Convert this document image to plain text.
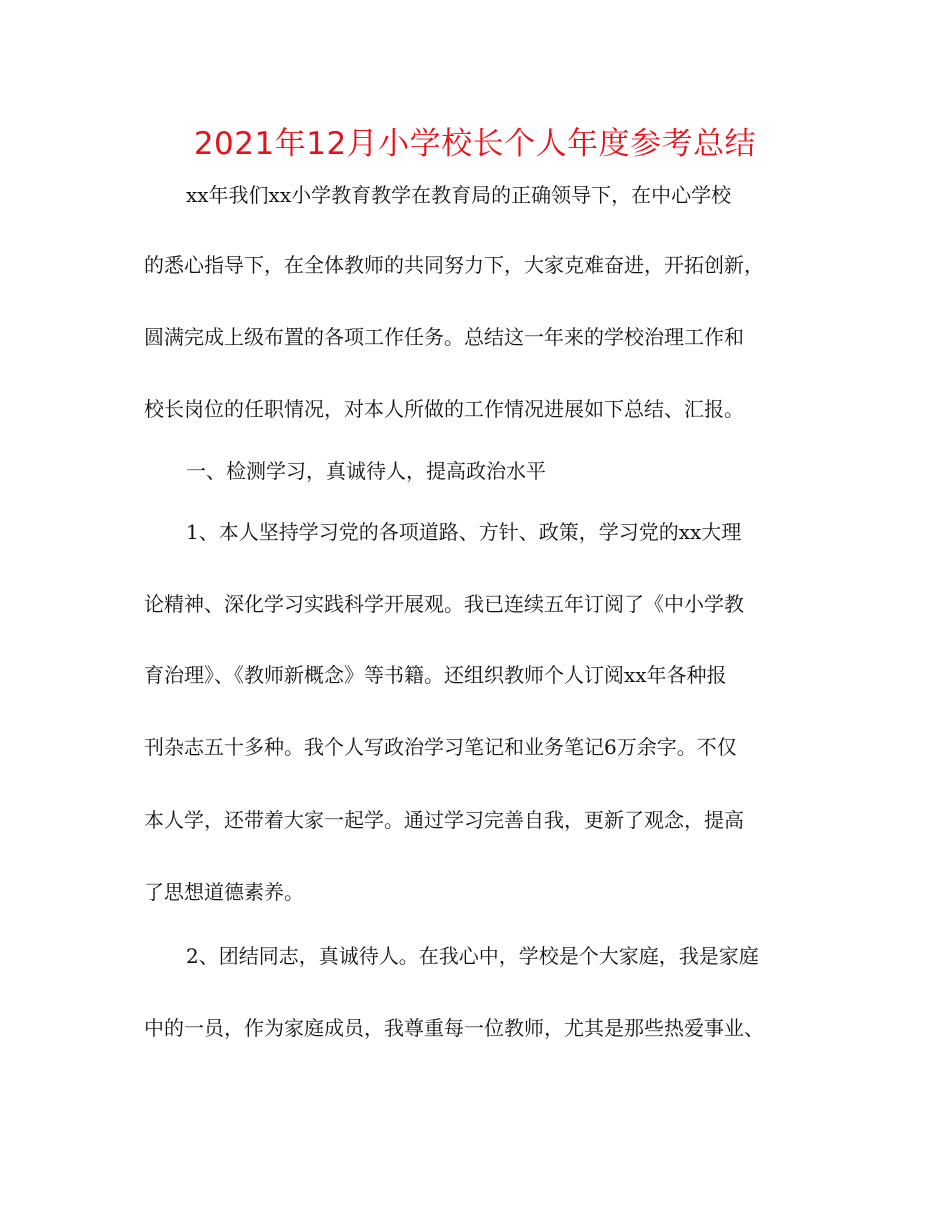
2021年12月小学校长个人年度参考总结
xx年我们xx小学教育教学在教育局的正确领导下，在中心学校
的悉心指导下，在全体教师的共同努力下，大家克难奋进，开拓创新，
圆满完成上级布置的各项工作任务。总结这一年来的学校治理工作和
校长岗位的任职情况，对本人所做的工作情况进展如下总结、汇报。
一、检测学习，真诚待人，提高政治水平
1、本人坚持学习党的各项道路、方针、政策，学习党的xx大理
论精神、深化学习实践科学开展观。我已连续五年订阅了《中小学教
育治理》、《教师新概念》等书籍。还组织教师个人订阅xx年各种报
刊杂志五十多种。我个人写政治学习笔记和业务笔记6万余字。不仅
本人学，还带着大家一起学。通过学习完善自我，更新了观念，提高
了思想道德素养。
2、团结同志，真诚待人。在我心中，学校是个大家庭，我是家庭
中的一员，作为家庭成员，我尊重每一位教师，尤其是那些热爱事业、
